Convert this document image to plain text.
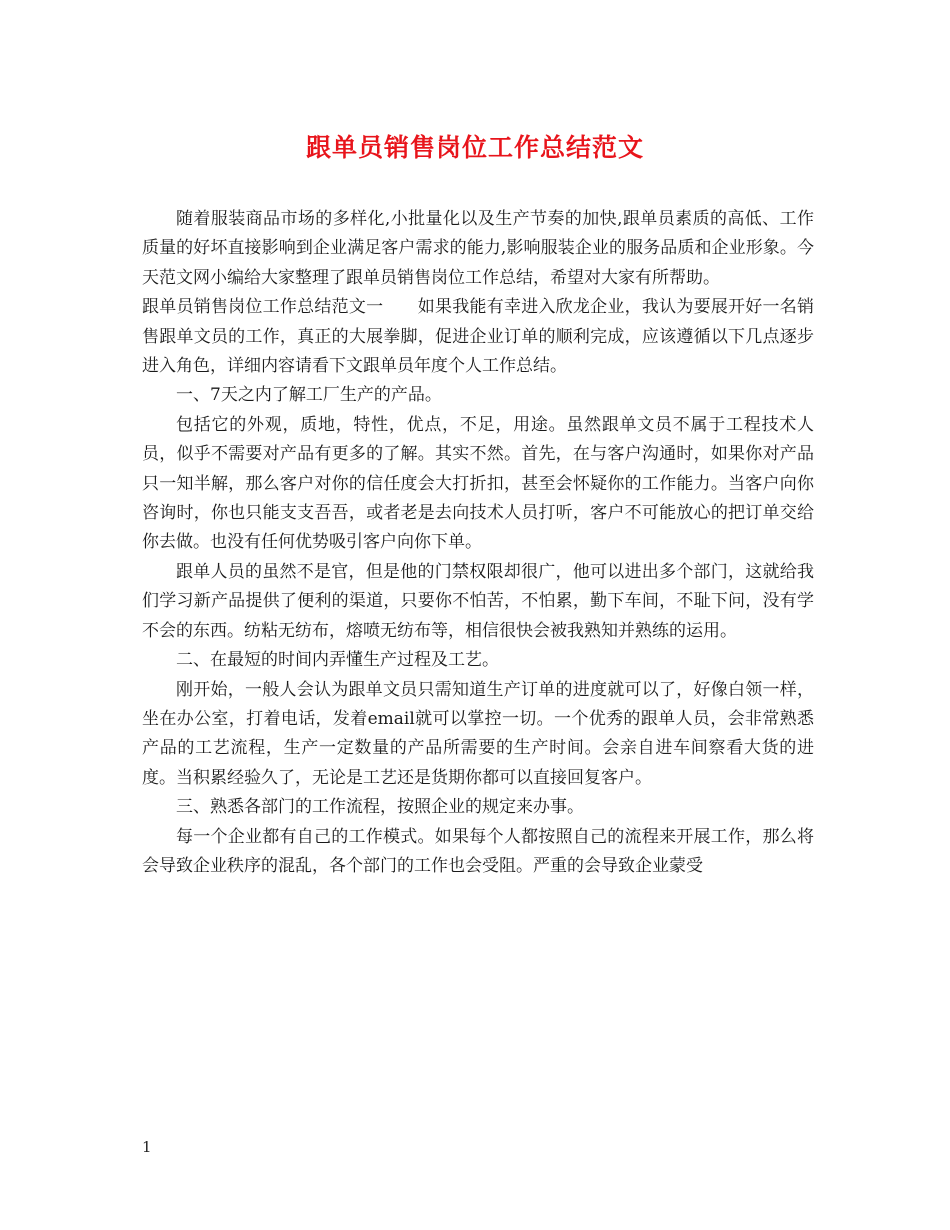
跟单员销售岗位工作总结范文

随着服装商品市场的多样化,小批量化以及生产节奏的加快,跟单员素质的高低、工作质量的好坏直接影响到企业满足客户需求的能力,影响服装企业的服务品质和企业形象。今天范文网小编给大家整理了跟单员销售岗位工作总结，希望对大家有所帮助。

跟单员销售岗位工作总结范文一　　如果我能有幸进入欣龙企业，我认为要展开好一名销售跟单文员的工作，真正的大展拳脚，促进企业订单的顺利完成，应该遵循以下几点逐步进入角色，详细内容请看下文跟单员年度个人工作总结。

一、7天之内了解工厂生产的产品。

包括它的外观，质地，特性，优点，不足，用途。虽然跟单文员不属于工程技术人员，似乎不需要对产品有更多的了解。其实不然。首先，在与客户沟通时，如果你对产品只一知半解，那么客户对你的信任度会大打折扣，甚至会怀疑你的工作能力。当客户向你咨询时，你也只能支支吾吾，或者老是去向技术人员打听，客户不可能放心的把订单交给你去做。也没有任何优势吸引客户向你下单。

跟单人员的虽然不是官，但是他的门禁权限却很广，他可以进出多个部门，这就给我们学习新产品提供了便利的渠道，只要你不怕苦，不怕累，勤下车间，不耻下问，没有学不会的东西。纺粘无纺布，熔喷无纺布等，相信很快会被我熟知并熟练的运用。

二、在最短的时间内弄懂生产过程及工艺。

刚开始，一般人会认为跟单文员只需知道生产订单的进度就可以了，好像白领一样，坐在办公室，打着电话，发着email就可以掌控一切。一个优秀的跟单人员，会非常熟悉产品的工艺流程，生产一定数量的产品所需要的生产时间。会亲自进车间察看大货的进度。当积累经验久了，无论是工艺还是货期你都可以直接回复客户。

三、熟悉各部门的工作流程，按照企业的规定来办事。

每一个企业都有自己的工作模式。如果每个人都按照自己的流程来开展工作，那么将会导致企业秩序的混乱，各个部门的工作也会受阻。严重的会导致企业蒙受

1
